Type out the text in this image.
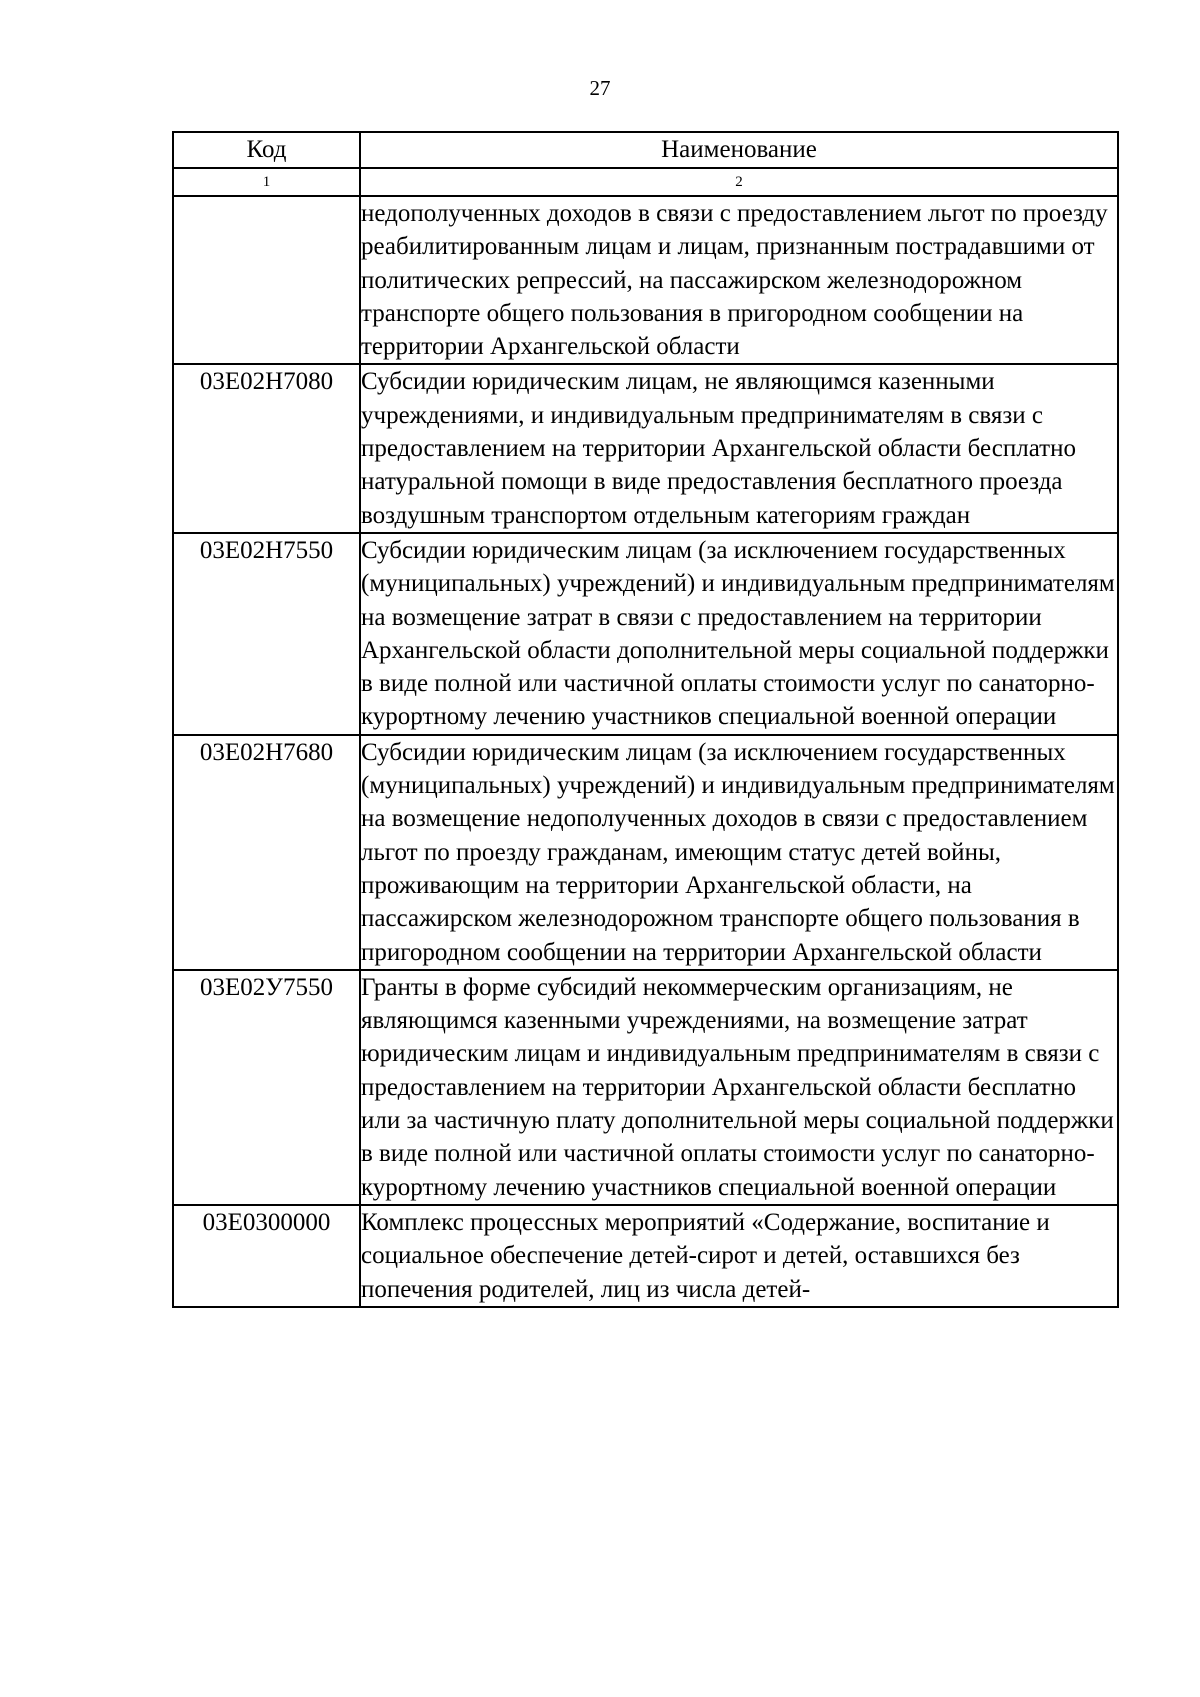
27
Код	Наименование
1	2
	недополученных доходов в связи с предоставлением льгот по проезду реабилитированным лицам и лицам, признанным пострадавшими от политических репрессий, на пассажирском железнодорожном транспорте общего пользования в пригородном сообщении на территории Архангельской области
03Е02Н7080	Субсидии юридическим лицам, не являющимся казенными учреждениями, и индивидуальным предпринимателям в связи с предоставлением на территории Архангельской области бесплатно натуральной помощи в виде предоставления бесплатного проезда воздушным транспортом отдельным категориям граждан
03Е02Н7550	Субсидии юридическим лицам (за исключением государственных (муниципальных) учреждений) и индивидуальным предпринимателям на возмещение затрат в связи с предоставлением на территории Архангельской области дополнительной меры социальной поддержки в виде полной или частичной оплаты стоимости услуг по санаторно-курортному лечению участников специальной военной операции
03Е02Н7680	Субсидии юридическим лицам (за исключением государственных (муниципальных) учреждений) и индивидуальным предпринимателям на возмещение недополученных доходов в связи с предоставлением льгот по проезду гражданам, имеющим статус детей войны, проживающим на территории Архангельской области, на пассажирском железнодорожном транспорте общего пользования в пригородном сообщении на территории Архангельской области
03Е02У7550	Гранты в форме субсидий некоммерческим организациям, не являющимся казенными учреждениями, на возмещение затрат юридическим лицам и индивидуальным предпринимателям в связи с предоставлением на территории Архангельской области бесплатно или за частичную плату дополнительной меры социальной поддержки в виде полной или частичной оплаты стоимости услуг по санаторно-курортному лечению участников специальной военной операции
03Е0300000	Комплекс процессных мероприятий «Содержание, воспитание и социальное обеспечение детей-сирот и детей, оставшихся без попечения родителей, лиц из числа детей-
